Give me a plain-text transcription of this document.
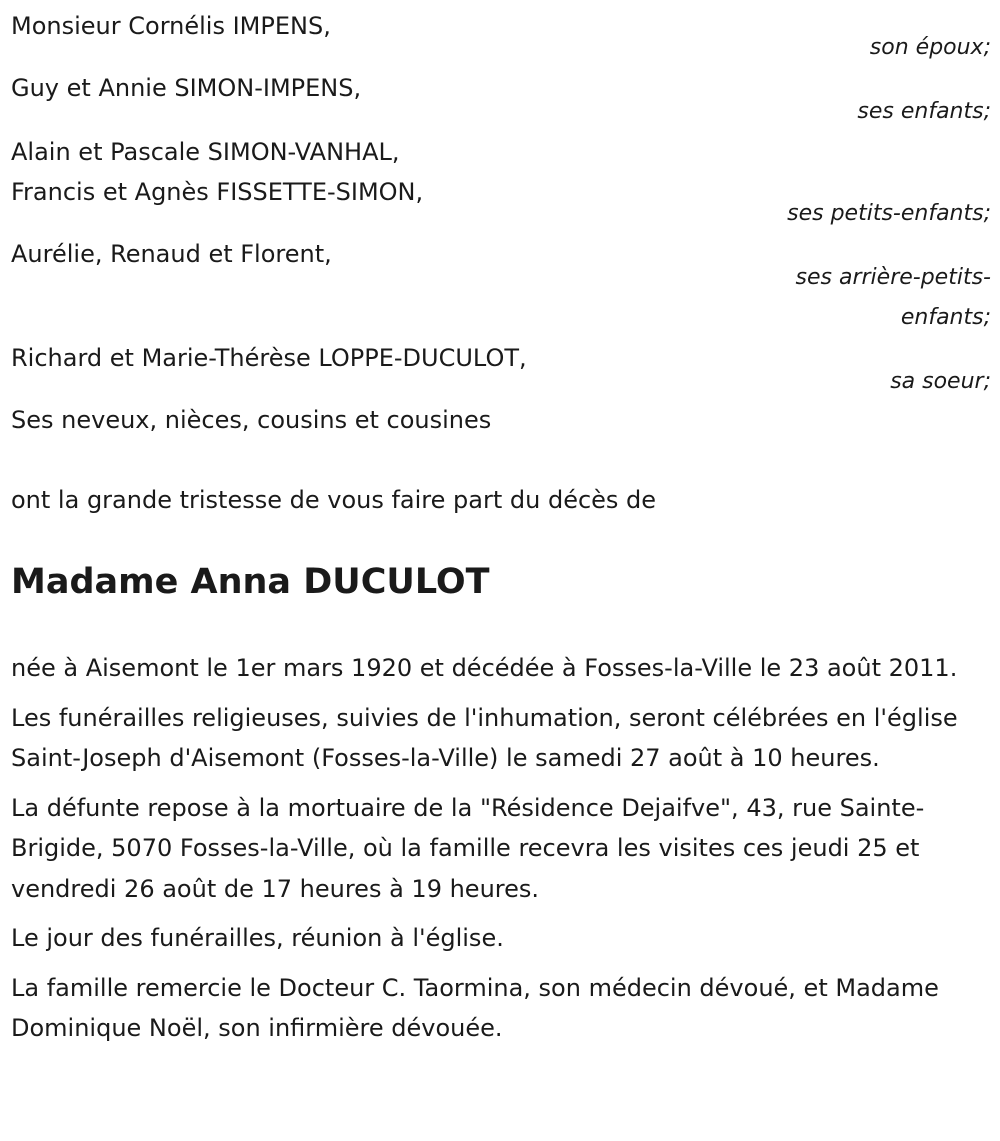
Monsieur Cornélis IMPENS,

son époux;

Guy et Annie SIMON-IMPENS,

ses enfants;

Alain et Pascale SIMON-VANHAL,

Francis et Agnès FISSETTE-SIMON,

ses petits-enfants;

Aurélie, Renaud et Florent,

ses arrière-petits-

enfants;

Richard et Marie-Thérèse LOPPE-DUCULOT,

sa soeur;

Ses neveux, nièces, cousins et cousines

ont la grande tristesse de vous faire part du décès de

Madame Anna DUCULOT

née à Aisemont le 1er mars 1920 et décédée à Fosses-la-Ville le 23 août 2011.

Les funérailles religieuses, suivies de l'inhumation, seront célébrées en l'église Saint-Joseph d'Aisemont (Fosses-la-Ville) le samedi 27 août à 10 heures.

La défunte repose à la mortuaire de la "Résidence Dejaifve", 43, rue Sainte-Brigide, 5070 Fosses-la-Ville, où la famille recevra les visites ces jeudi 25 et vendredi 26 août de 17 heures à 19 heures.

Le jour des funérailles, réunion à l'église.

La famille remercie le Docteur C. Taormina, son médecin dévoué, et Madame Dominique Noël, son infirmière dévouée.
